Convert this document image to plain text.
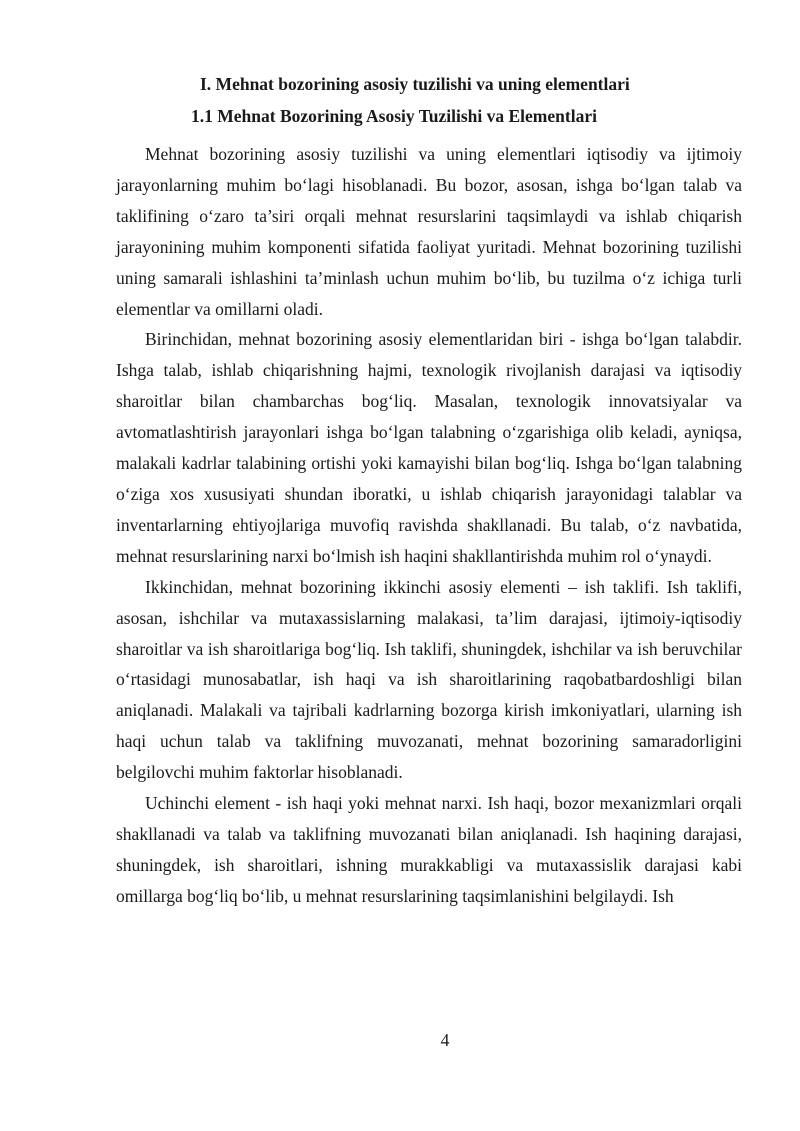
I. Mehnat bozorining asosiy tuzilishi va uning elementlari
1.1 Mehnat Bozorining Asosiy Tuzilishi va Elementlari

Mehnat bozorining asosiy tuzilishi va uning elementlari iqtisodiy va ijtimoiy jarayonlarning muhim bo‘lagi hisoblanadi. Bu bozor, asosan, ishga bo‘lgan talab va taklifining o‘zaro ta’siri orqali mehnat resurslarini taqsimlaydi va ishlab chiqarish jarayonining muhim komponenti sifatida faoliyat yuritadi. Mehnat bozorining tuzilishi uning samarali ishlashini ta’minlash uchun muhim bo‘lib, bu tuzilma o‘z ichiga turli elementlar va omillarni oladi.

Birinchidan, mehnat bozorining asosiy elementlaridan biri - ishga bo‘lgan talabdir. Ishga talab, ishlab chiqarishning hajmi, texnologik rivojlanish darajasi va iqtisodiy sharoitlar bilan chambarchas bog‘liq. Masalan, texnologik innovatsiyalar va avtomatlashtirish jarayonlari ishga bo‘lgan talabning o‘zgarishiga olib keladi, ayniqsa, malakali kadrlar talabining ortishi yoki kamayishi bilan bog‘liq. Ishga bo‘lgan talabning o‘ziga xos xususiyati shundan iboratki, u ishlab chiqarish jarayonidagi talablar va inventarlarning ehtiyojlariga muvofiq ravishda shakllanadi. Bu talab, o‘z navbatida, mehnat resurslarining narxi bo‘lmish ish haqini shakllantirishda muhim rol o‘ynaydi.

Ikkinchidan, mehnat bozorining ikkinchi asosiy elementi – ish taklifi. Ish taklifi, asosan, ishchilar va mutaxassislarning malakasi, ta’lim darajasi, ijtimoiy-iqtisodiy sharoitlar va ish sharoitlariga bog‘liq. Ish taklifi, shuningdek, ishchilar va ish beruvchilar o‘rtasidagi munosabatlar, ish haqi va ish sharoitlarining raqobatbardoshligi bilan aniqlanadi. Malakali va tajribali kadrlarning bozorga kirish imkoniyatlari, ularning ish haqi uchun talab va taklifning muvozanati, mehnat bozorining samaradorligini belgilovchi muhim faktorlar hisoblanadi.

Uchinchi element - ish haqi yoki mehnat narxi. Ish haqi, bozor mexanizmlari orqali shakllanadi va talab va taklifning muvozanati bilan aniqlanadi. Ish haqining darajasi, shuningdek, ish sharoitlari, ishning murakkabligi va mutaxassislik darajasi kabi omillarga bog‘liq bo‘lib, u mehnat resurslarining taqsimlanishini belgilaydi. Ish

4
